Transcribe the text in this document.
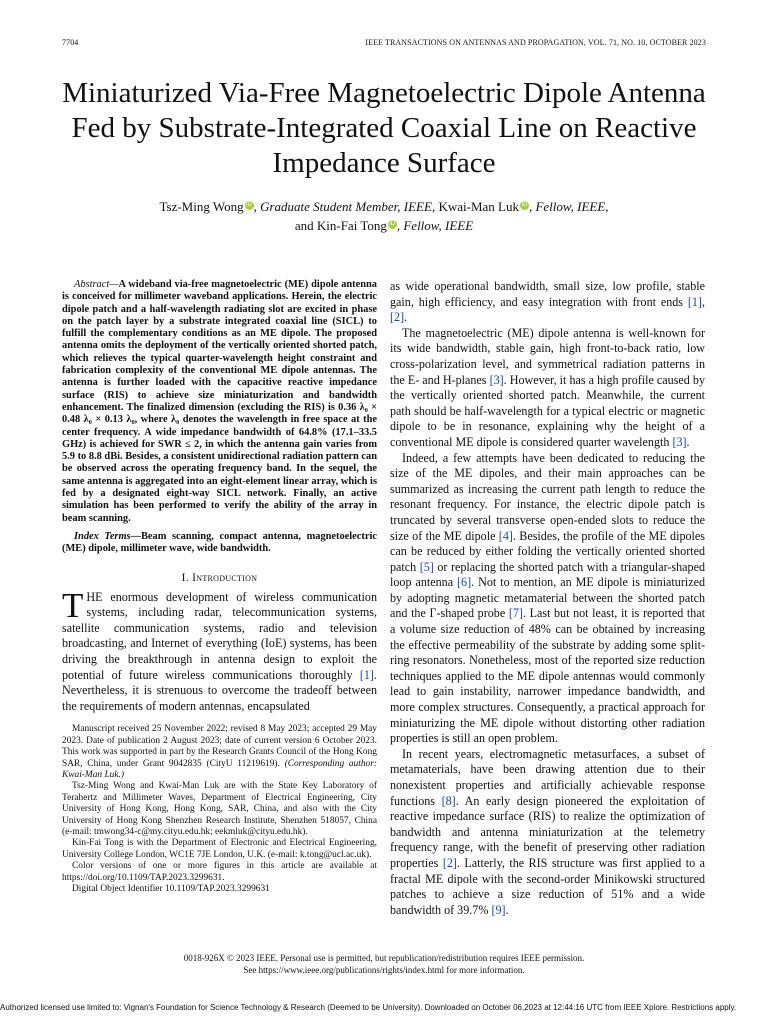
7704	IEEE TRANSACTIONS ON ANTENNAS AND PROPAGATION, VOL. 71, NO. 10, OCTOBER 2023
Miniaturized Via-Free Magnetoelectric Dipole Antenna Fed by Substrate-Integrated Coaxial Line on Reactive Impedance Surface
Tsz-Ming Wong iD , Graduate Student Member, IEEE, Kwai-Man Luk iD , Fellow, IEEE,
and Kin-Fai Tong iD , Fellow, IEEE

Abstract—A wideband via-free magnetoelectric (ME) dipole antenna is conceived for millimeter waveband applications. Herein, the electric dipole patch and a half-wavelength radiating slot are excited in phase on the patch layer by a substrate integrated coaxial line (SICL) to fulfill the complementary conditions as an ME dipole. The proposed antenna omits the deployment of the vertically oriented shorted patch, which relieves the typical quarter-wavelength height constraint and fabrication complexity of the conventional ME dipole antennas. The antenna is further loaded with the capacitive reactive impedance surface (RIS) to achieve size miniaturization and bandwidth enhancement. The finalized dimension (excluding the RIS) is 0.36 λ₀ × 0.48 λ₀ × 0.13 λ₀, where λ₀ denotes the wavelength in free space at the center frequency. A wide impedance bandwidth of 64.8% (17.1–33.5 GHz) is achieved for SWR ≤ 2, in which the antenna gain varies from 5.9 to 8.8 dBi. Besides, a consistent unidirectional radiation pattern can be observed across the operating frequency band. In the sequel, the same antenna is aggregated into an eight-element linear array, which is fed by a designated eight-way SICL network. Finally, an active simulation has been performed to verify the ability of the array in beam scanning.

Index Terms—Beam scanning, compact antenna, magnetoelectric (ME) dipole, millimeter wave, wide bandwidth.

I. Introduction

THE enormous development of wireless communication systems, including radar, telecommunication systems, satellite communication systems, radio and television broadcasting, and Internet of everything (IoE) systems, has been driving the breakthrough in antenna design to exploit the potential of future wireless communications thoroughly [1]. Nevertheless, it is strenuous to overcome the tradeoff between the requirements of modern antennas, encapsulated

Manuscript received 25 November 2022; revised 8 May 2023; accepted 29 May 2023. Date of publication 2 August 2023; date of current version 6 October 2023. This work was supported in part by the Research Grants Council of the Hong Kong SAR, China, under Grant 9042835 (CityU 11219619). (Corresponding author: Kwai-Man Luk.)

Tsz-Ming Wong and Kwai-Man Luk are with the State Key Laboratory of Terahertz and Millimeter Waves, Department of Electrical Engineering, City University of Hong Kong, Hong Kong, SAR, China, and also with the City University of Hong Kong Shenzhen Research Institute, Shenzhen 518057, China (e-mail: tmwong34-c@my.cityu.edu.hk; eekmluk@cityu.edu.hk).

Kin-Fai Tong is with the Department of Electronic and Electrical Engineering, University College London, WC1E 7JE London, U.K. (e-mail: k.tong@ucl.ac.uk).

Color versions of one or more figures in this article are available at https://doi.org/10.1109/TAP.2023.3299631.

Digital Object Identifier 10.1109/TAP.2023.3299631

as wide operational bandwidth, small size, low profile, stable gain, high efficiency, and easy integration with front ends [1], [2].

The magnetoelectric (ME) dipole antenna is well-known for its wide bandwidth, stable gain, high front-to-back ratio, low cross-polarization level, and symmetrical radiation patterns in the E- and H-planes [3]. However, it has a high profile caused by the vertically oriented shorted patch. Meanwhile, the current path should be half-wavelength for a typical electric or magnetic dipole to be in resonance, explaining why the height of a conventional ME dipole is considered quarter wavelength [3].

Indeed, a few attempts have been dedicated to reducing the size of the ME dipoles, and their main approaches can be summarized as increasing the current path length to reduce the resonant frequency. For instance, the electric dipole patch is truncated by several transverse open-ended slots to reduce the size of the ME dipole [4]. Besides, the profile of the ME dipoles can be reduced by either folding the vertically oriented shorted patch [5] or replacing the shorted patch with a triangular-shaped loop antenna [6]. Not to mention, an ME dipole is miniaturized by adopting magnetic metamaterial between the shorted patch and the Γ-shaped probe [7]. Last but not least, it is reported that a volume size reduction of 48% can be obtained by increasing the effective permeability of the substrate by adding some split-ring resonators. Nonetheless, most of the reported size reduction techniques applied to the ME dipole antennas would commonly lead to gain instability, narrower impedance bandwidth, and more complex structures. Consequently, a practical approach for miniaturizing the ME dipole without distorting other radiation properties is still an open problem.

In recent years, electromagnetic metasurfaces, a subset of metamaterials, have been drawing attention due to their nonexistent properties and artificially achievable response functions [8]. An early design pioneered the exploitation of reactive impedance surface (RIS) to realize the optimization of bandwidth and antenna miniaturization at the telemetry frequency range, with the benefit of preserving other radiation properties [2]. Latterly, the RIS structure was first applied to a fractal ME dipole with the second-order Minikowski structured patches to achieve a size reduction of 51% and a wide bandwidth of 39.7% [9].

0018-926X © 2023 IEEE. Personal use is permitted, but republication/redistribution requires IEEE permission.
See https://www.ieee.org/publications/rights/index.html for more information.
Authorized licensed use limited to: Vignan's Foundation for Science Technology & Research (Deemed to be University). Downloaded on October 06,2023 at 12:44:16 UTC from IEEE Xplore. Restrictions apply.
